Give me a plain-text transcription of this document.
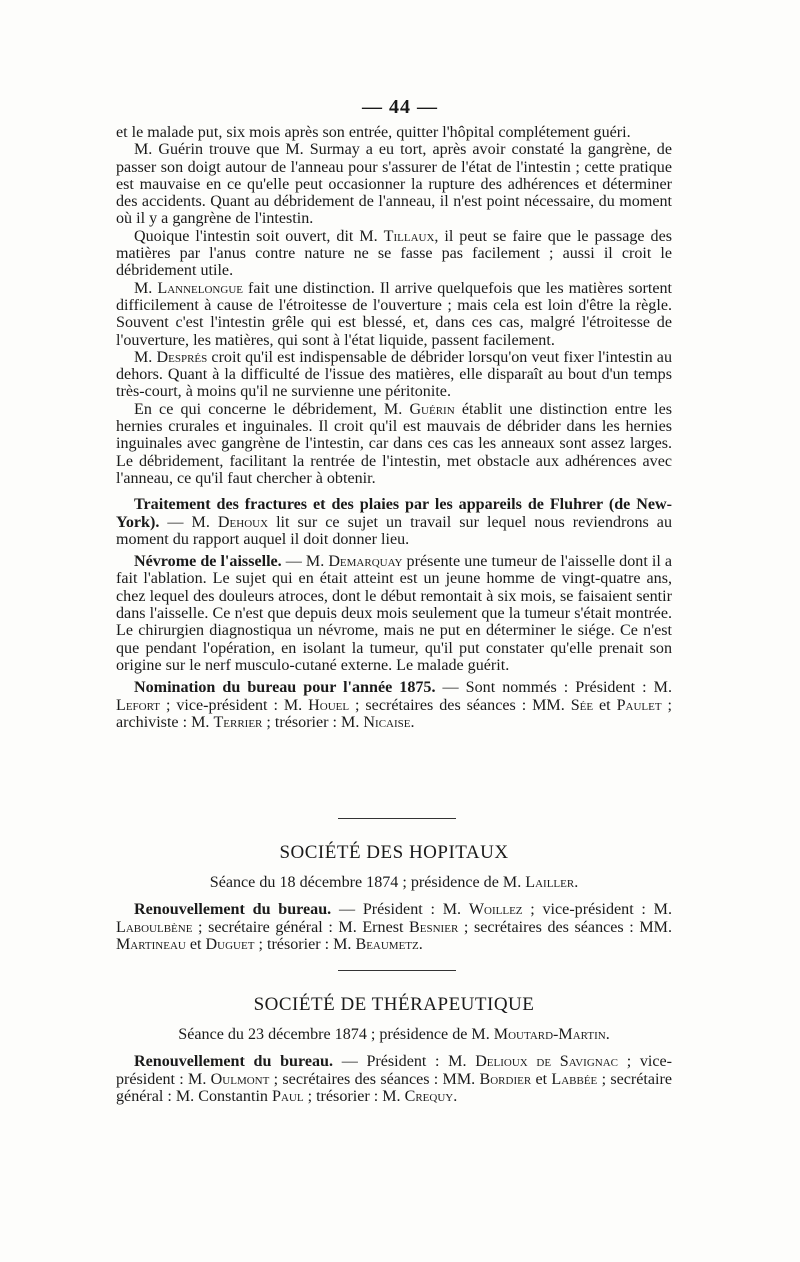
— 44 —

et le malade put, six mois après son entrée, quitter l'hôpital complétement guéri.

M. Guérin trouve que M. Surmay a eu tort, après avoir constaté la gangrène, de passer son doigt autour de l'anneau pour s'assurer de l'état de l'intestin ; cette pratique est mauvaise en ce qu'elle peut occasionner la rupture des adhérences et déterminer des accidents. Quant au débridement de l'anneau, il n'est point nécessaire, du moment où il y a gangrène de l'intestin.

Quoique l'intestin soit ouvert, dit M. Tillaux, il peut se faire que le passage des matières par l'anus contre nature ne se fasse pas facilement ; aussi il croit le débridement utile.

M. Lannelongue fait une distinction. Il arrive quelquefois que les matières sortent difficilement à cause de l'étroitesse de l'ouverture ; mais cela est loin d'être la règle. Souvent c'est l'intestin grêle qui est blessé, et, dans ces cas, malgré l'étroitesse de l'ouverture, les matières, qui sont à l'état liquide, passent facilement.

M. Després croit qu'il est indispensable de débrider lorsqu'on veut fixer l'intestin au dehors. Quant à la difficulté de l'issue des matières, elle disparaît au bout d'un temps très-court, à moins qu'il ne survienne une péritonite.

En ce qui concerne le débridement, M. Guérin établit une distinction entre les hernies crurales et inguinales. Il croit qu'il est mauvais de débrider dans les hernies inguinales avec gangrène de l'intestin, car dans ces cas les anneaux sont assez larges. Le débridement, facilitant la rentrée de l'intestin, met obstacle aux adhérences avec l'anneau, ce qu'il faut chercher à obtenir.

Traitement des fractures et des plaies par les appareils de Fluhrer (de New-York). — M. Dehoux lit sur ce sujet un travail sur lequel nous reviendrons au moment du rapport auquel il doit donner lieu.

Névrome de l'aisselle. — M. Demarquay présente une tumeur de l'aisselle dont il a fait l'ablation. Le sujet qui en était atteint est un jeune homme de vingt-quatre ans, chez lequel des douleurs atroces, dont le début remontait à six mois, se faisaient sentir dans l'aisselle. Ce n'est que depuis deux mois seulement que la tumeur s'était montrée. Le chirurgien diagnostiqua un névrome, mais ne put en déterminer le siége. Ce n'est que pendant l'opération, en isolant la tumeur, qu'il put constater qu'elle prenait son origine sur le nerf musculo-cutané externe. Le malade guérit.

Nomination du bureau pour l'année 1875. — Sont nommés : Président : M. Lefort ; vice-président : M. Houel ; secrétaires des séances : MM. Sée et Paulet ; archiviste : M. Terrier ; trésorier : M. Nicaise.

SOCIÉTÉ DES HOPITAUX

Séance du 18 décembre 1874 ; présidence de M. Lailler.

Renouvellement du bureau. — Président : M. Woillez ; vice-président : M. Laboulbène ; secrétaire général : M. Ernest Besnier ; secrétaires des séances : MM. Martineau et Duguet ; trésorier : M. Beaumetz.

SOCIÉTÉ DE THÉRAPEUTIQUE

Séance du 23 décembre 1874 ; présidence de M. Moutard-Martin.

Renouvellement du bureau. — Président : M. Delioux de Savignac ; vice-président : M. Oulmont ; secrétaires des séances : MM. Bordier et Labbée ; secrétaire général : M. Constantin Paul ; trésorier : M. Crequy.
